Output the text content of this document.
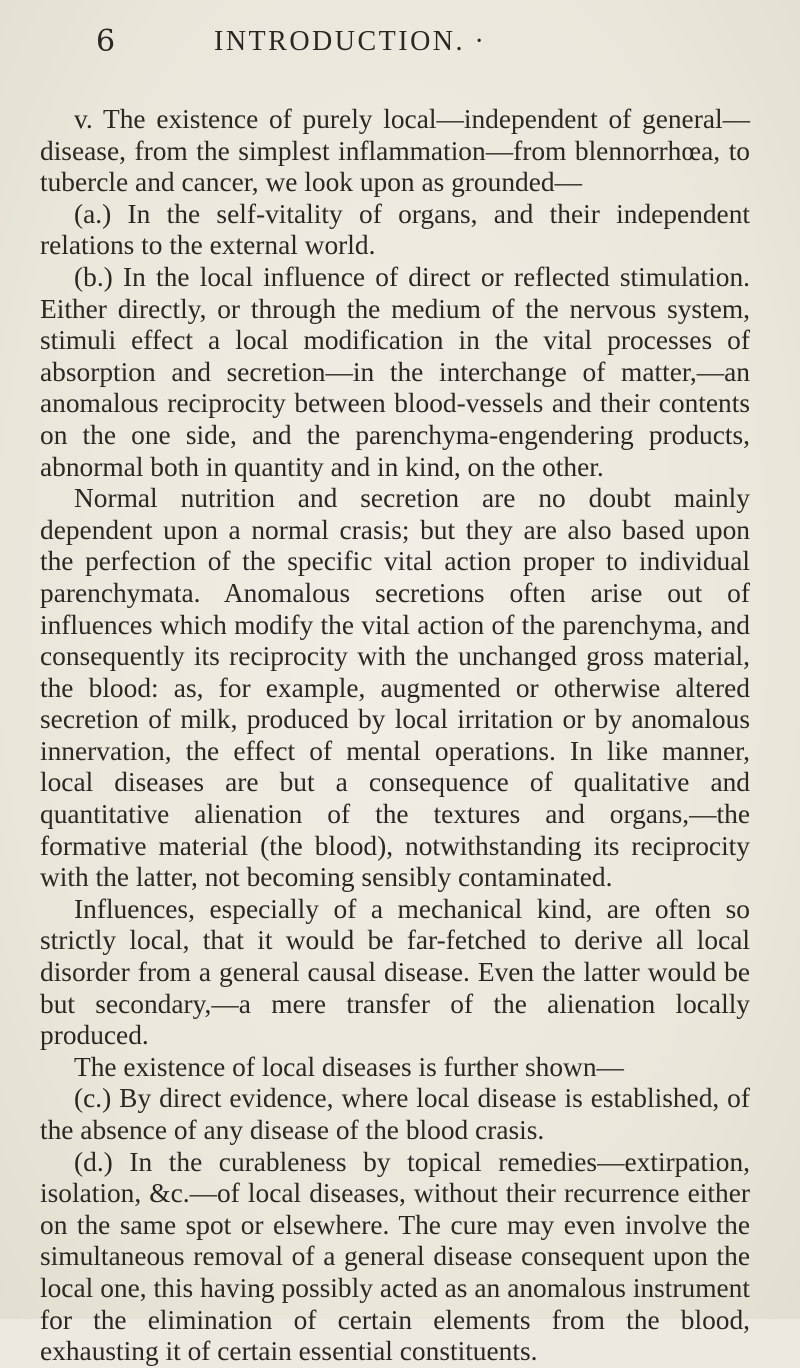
6	INTRODUCTION. ·

v. The existence of purely local—independent of general— disease, from the simplest inflammation—from blennorrhœa, to tubercle and cancer, we look upon as grounded—

(a.) In the self-vitality of organs, and their independent relations to the external world.

(b.) In the local influence of direct or reflected stimulation. Either directly, or through the medium of the nervous system, stimuli effect a local modification in the vital processes of absorption and secretion—in the interchange of matter,—an anomalous reciprocity between blood-vessels and their contents on the one side, and the parenchyma-engendering products, abnormal both in quantity and in kind, on the other.

Normal nutrition and secretion are no doubt mainly dependent upon a normal crasis; but they are also based upon the perfection of the specific vital action proper to individual parenchymata. Anomalous secretions often arise out of influences which modify the vital action of the parenchyma, and consequently its reciprocity with the unchanged gross material, the blood: as, for example, augmented or otherwise altered secretion of milk, produced by local irritation or by anomalous innervation, the effect of mental operations. In like manner, local diseases are but a consequence of qualitative and quantitative alienation of the textures and organs,—the formative material (the blood), notwithstanding its reciprocity with the latter, not becoming sensibly contaminated.

Influences, especially of a mechanical kind, are often so strictly local, that it would be far-fetched to derive all local disorder from a general causal disease. Even the latter would be but secondary,—a mere transfer of the alienation locally produced.

The existence of local diseases is further shown—

(c.) By direct evidence, where local disease is established, of the absence of any disease of the blood crasis.

(d.) In the curableness by topical remedies—extirpation, isolation, &c.—of local diseases, without their recurrence either on the same spot or elsewhere. The cure may even involve the simultaneous removal of a general disease consequent upon the local one, this having possibly acted as an anomalous instrument for the elimination of certain elements from the blood, exhausting it of certain essential constituents.
